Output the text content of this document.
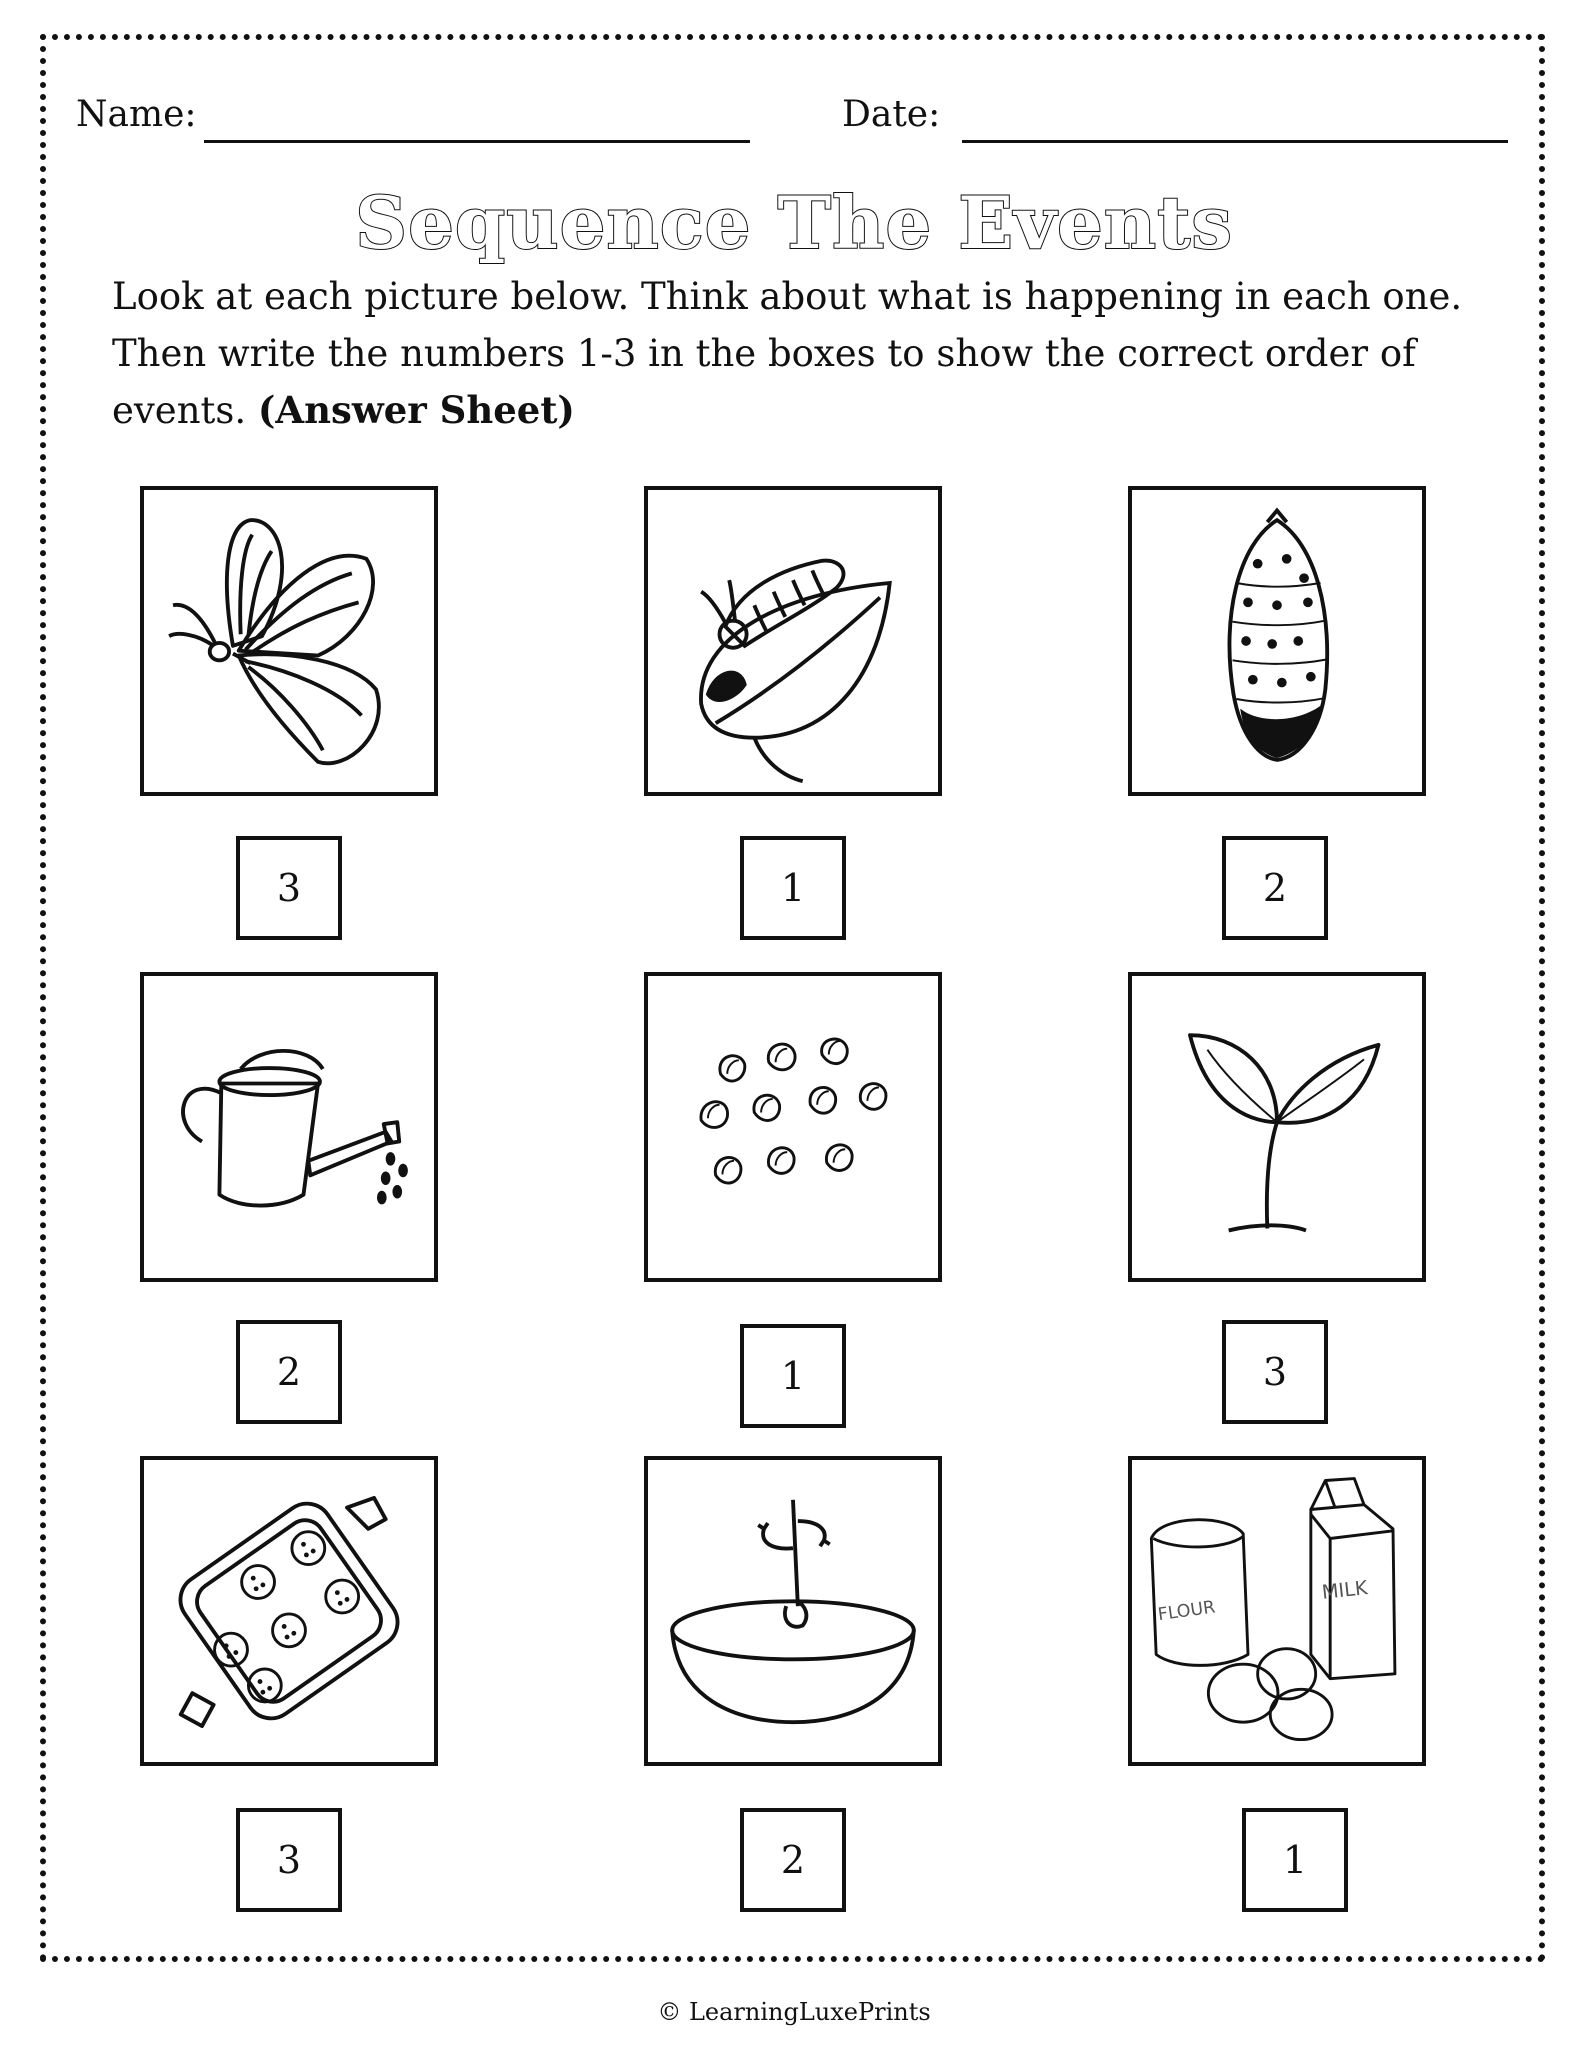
Name:	Date:
Sequence The Events
Look at each picture below. Think about what is happening in each one. Then write the numbers 1-3 in the boxes to show the correct order of events. (Answer Sheet)
3	1	2
2	1	3
3	2
FLOUR
MILK
1
© LearningLuxePrints
